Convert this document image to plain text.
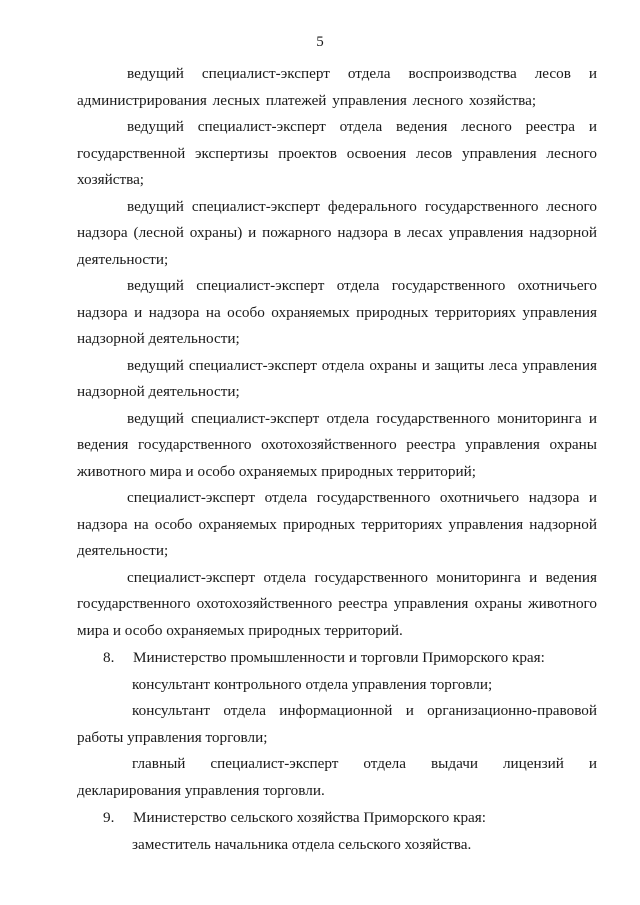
5

ведущий специалист-эксперт отдела воспроизводства лесов и администрирования лесных платежей управления лесного хозяйства;

ведущий специалист-эксперт отдела ведения лесного реестра и государственной экспертизы проектов освоения лесов управления лесного хозяйства;

ведущий специалист-эксперт федерального государственного лесного надзора (лесной охраны) и пожарного надзора в лесах управления надзорной деятельности;

ведущий специалист-эксперт отдела государственного охотничьего надзора и надзора на особо охраняемых природных территориях управления надзорной деятельности;

ведущий специалист-эксперт отдела охраны и защиты леса управления надзорной деятельности;

ведущий специалист-эксперт отдела государственного мониторинга и ведения государственного охотохозяйственного реестра управления охраны животного мира и особо охраняемых природных территорий;

специалист-эксперт отдела государственного охотничьего надзора и надзора на особо охраняемых природных территориях управления надзорной деятельности;

специалист-эксперт отдела государственного мониторинга и ведения государственного охотохозяйственного реестра управления охраны животного мира и особо охраняемых природных территорий.

8. Министерство промышленности и торговли Приморского края:

консультант контрольного отдела управления торговли;

консультант отдела информационной и организационно-правовой работы управления торговли;

главный специалист-эксперт отдела выдачи лицензий и декларирования управления торговли.

9. Министерство сельского хозяйства Приморского края:

заместитель начальника отдела сельского хозяйства.
